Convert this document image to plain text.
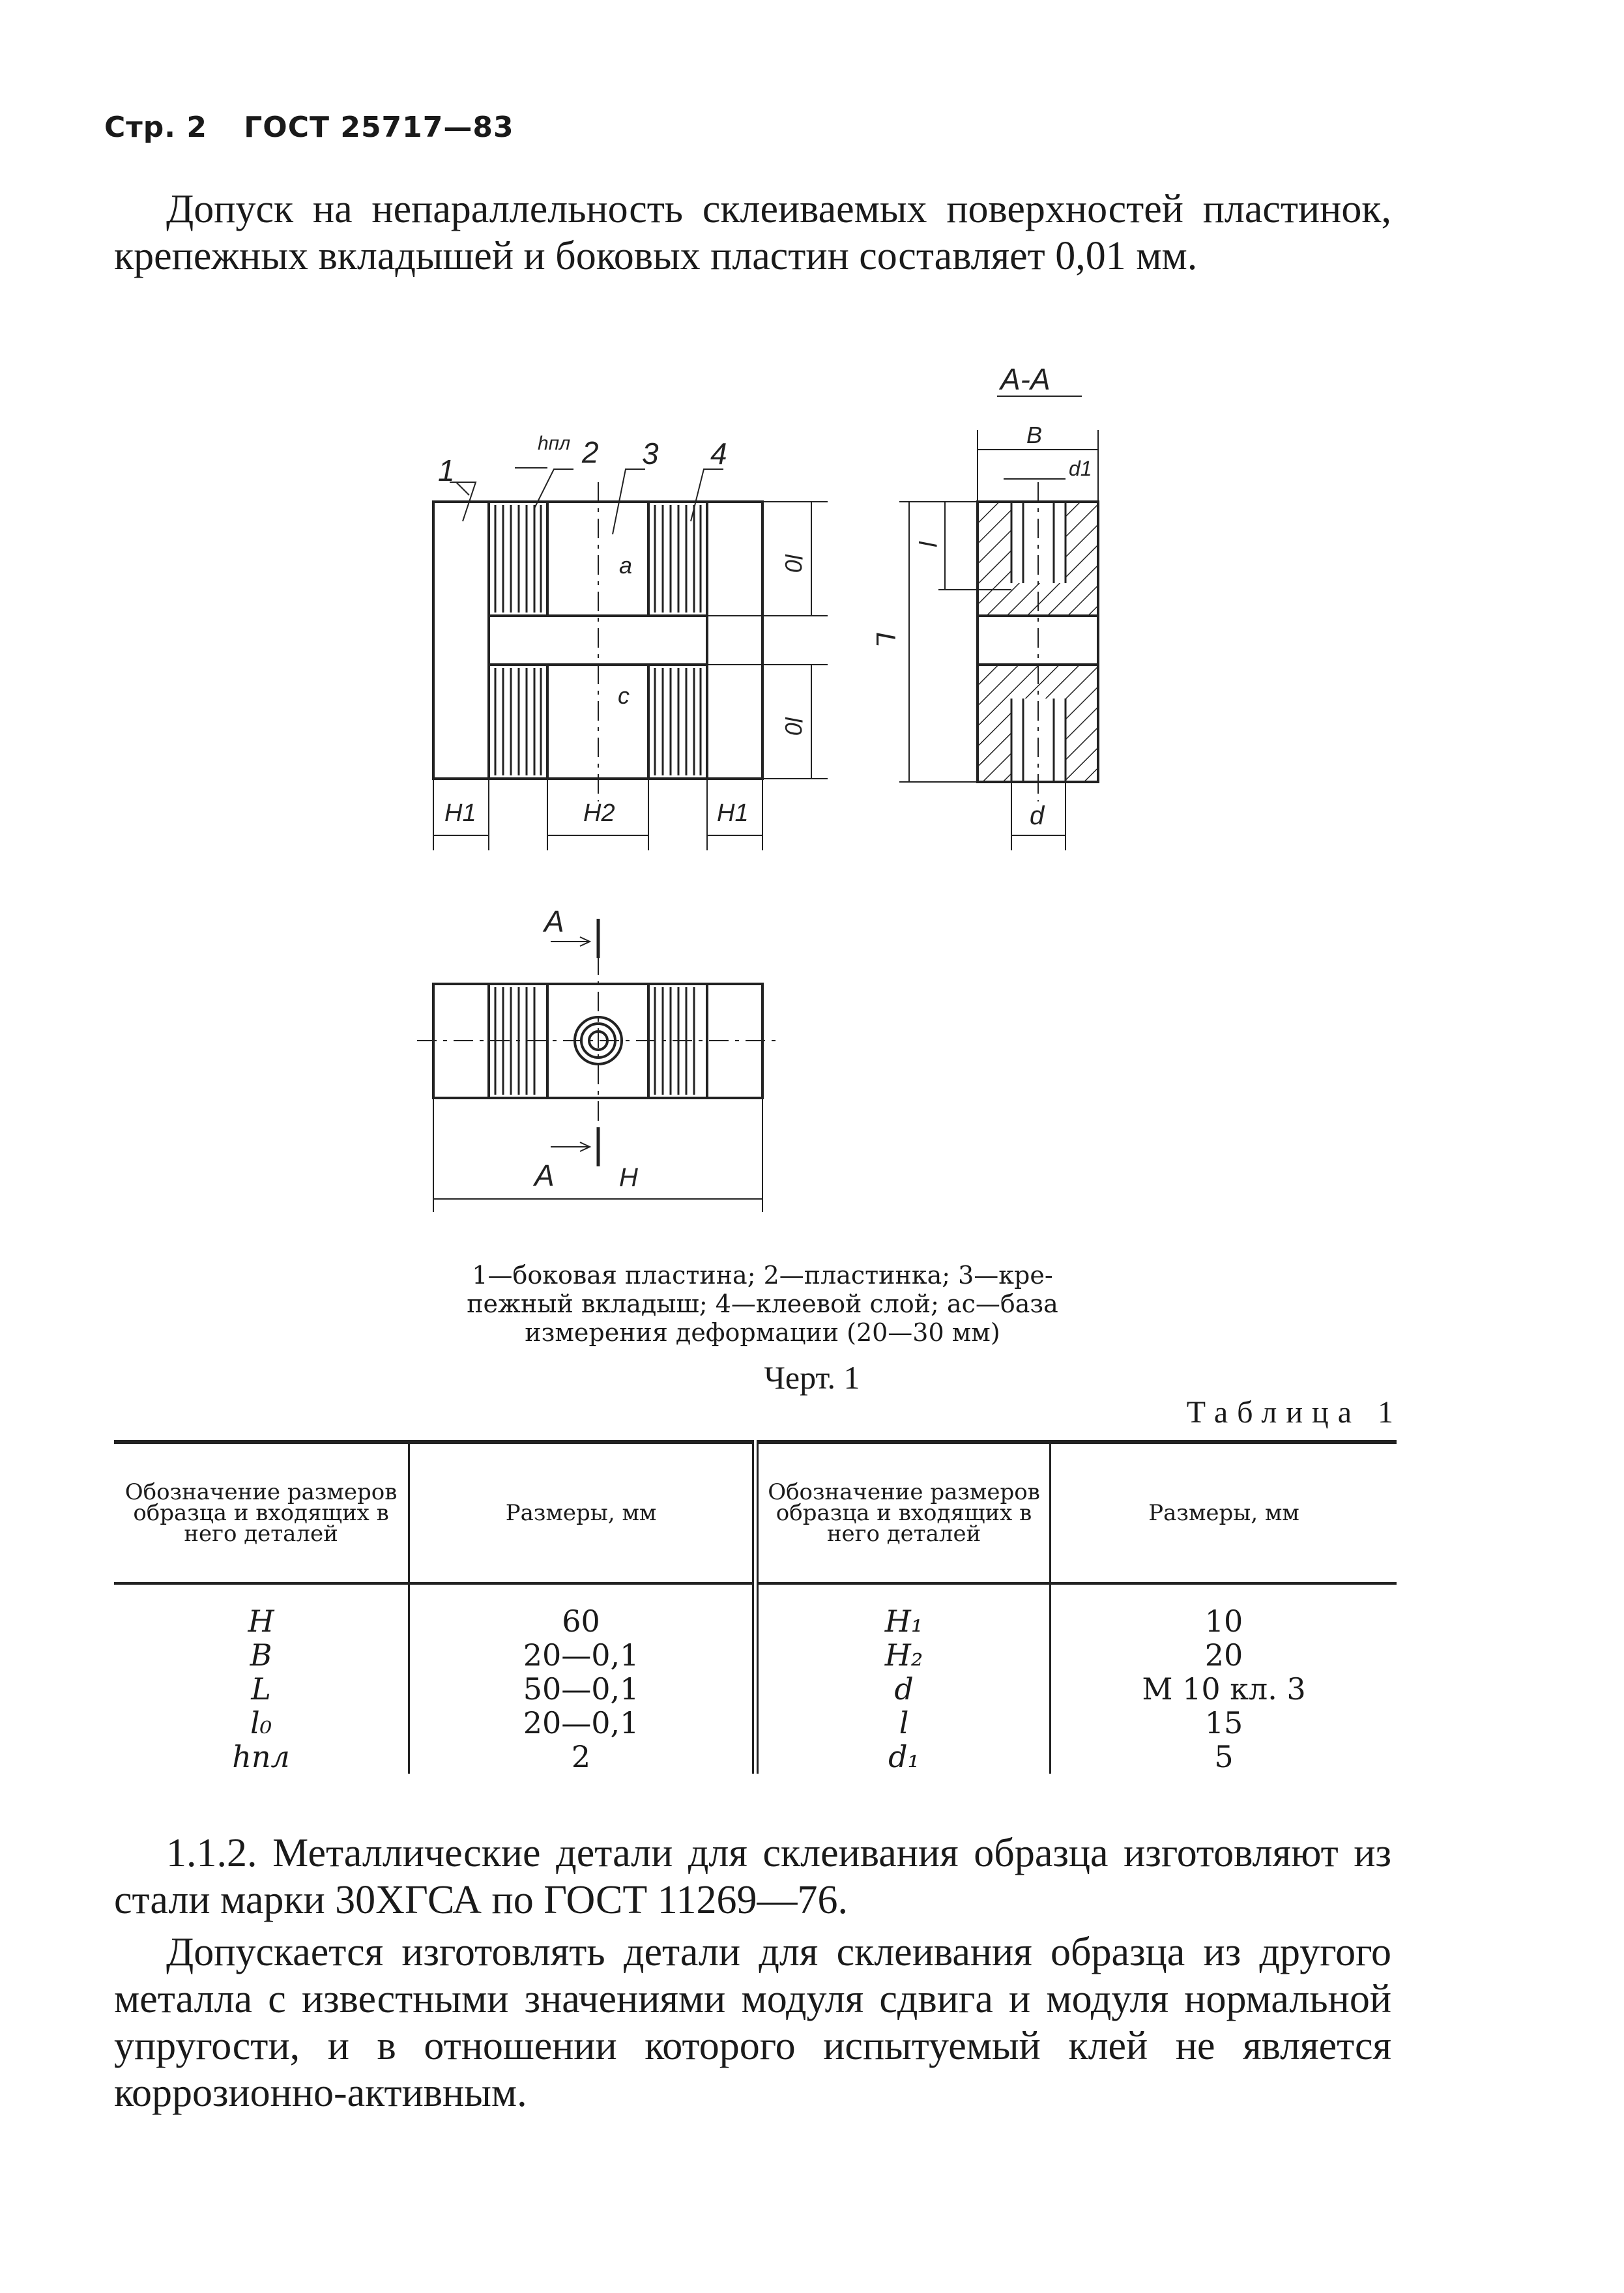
Стр. 2 ГОСТ 25717—83
Допуск на непараллельность склеиваемых поверхностей пластинок, крепежных вкладышей и боковых пластин составляет 0,01 мм.
1
2 3 4
hпл
a
c
l0
l0
H1	H2	H1
А-А
В
d1
l
L
d
A
A H
1—боковая пластина; 2—пластинка; 3—кре-
пежный вкладыш; 4—клеевой слой; ac—база
измерения деформации (20—30 мм)
Черт. 1
Таблица 1
Обозначение размеров образца и входящих в него деталей	Размеры, мм	Обозначение размеров образца и входящих в него деталей	Размеры, мм
H	60	H₁	10
B	20—0,1	H₂	20
L	50—0,1	d	М 10 кл. 3
l₀	20—0,1	l	15
hпл	2	d₁	5
1.1.2. Металлические детали для склеивания образца изготовляют из стали марки 30ХГСА по ГОСТ 11269—76.
Допускается изготовлять детали для склеивания образца из другого металла с известными значениями модуля сдвига и модуля нормальной упругости, и в отношении которого испытуемый клей не является коррозионно-активным.
